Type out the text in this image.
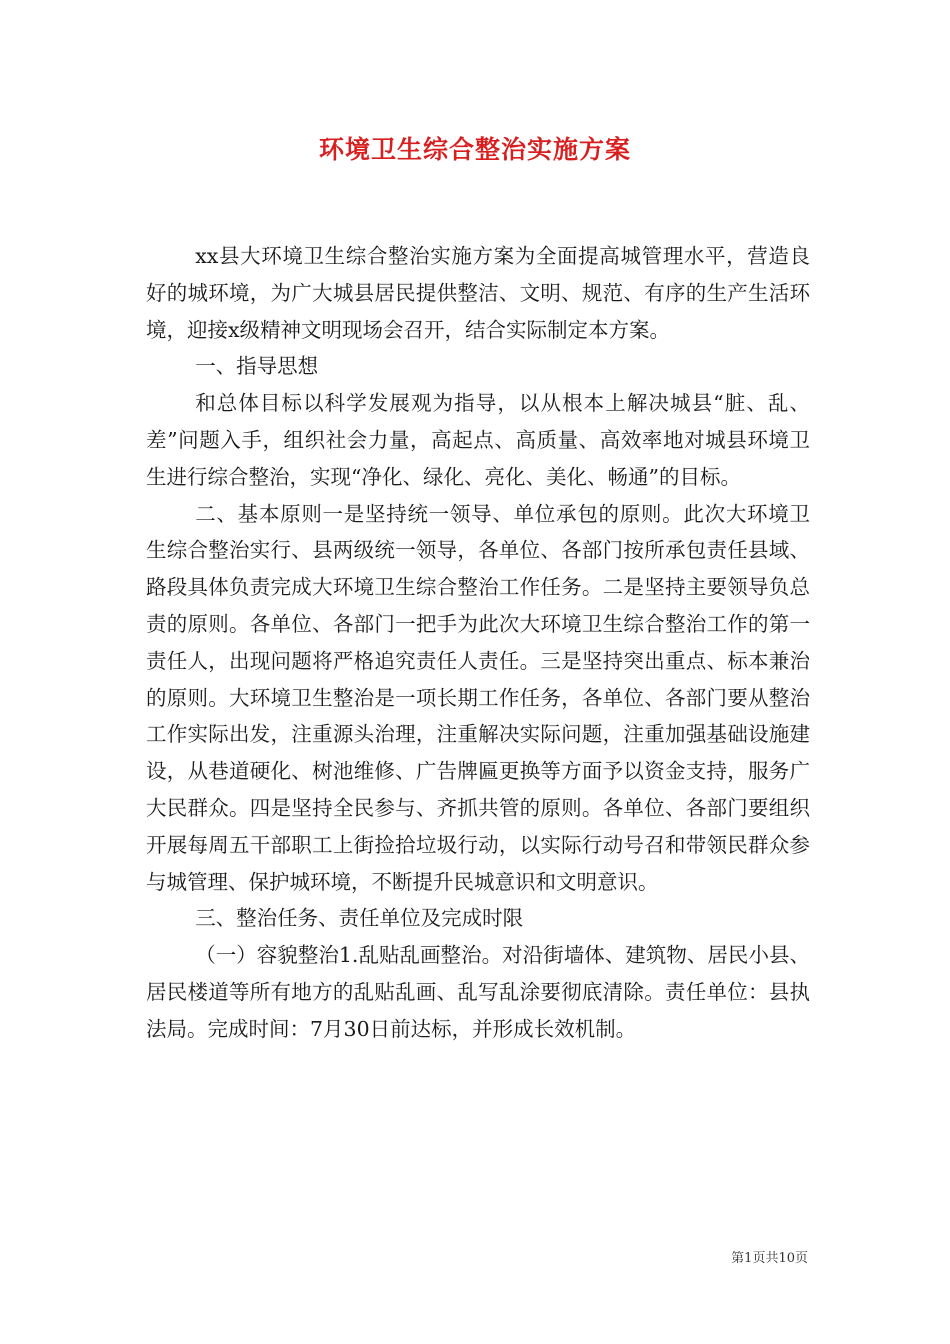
环境卫生综合整治实施方案

xx县大环境卫生综合整治实施方案为全面提高城管理水平，营造良好的城环境，为广大城县居民提供整洁、文明、规范、有序的生产生活环境，迎接x级精神文明现场会召开，结合实际制定本方案。

一、指导思想

和总体目标以科学发展观为指导，以从根本上解决城县“脏、乱、差”问题入手，组织社会力量，高起点、高质量、高效率地对城县环境卫生进行综合整治，实现“净化、绿化、亮化、美化、畅通”的目标。

二、基本原则一是坚持统一领导、单位承包的原则。此次大环境卫生综合整治实行、县两级统一领导，各单位、各部门按所承包责任县域、路段具体负责完成大环境卫生综合整治工作任务。二是坚持主要领导负总责的原则。各单位、各部门一把手为此次大环境卫生综合整治工作的第一责任人，出现问题将严格追究责任人责任。三是坚持突出重点、标本兼治的原则。大环境卫生整治是一项长期工作任务，各单位、各部门要从整治工作实际出发，注重源头治理，注重解决实际问题，注重加强基础设施建设，从巷道硬化、树池维修、广告牌匾更换等方面予以资金支持，服务广大民群众。四是坚持全民参与、齐抓共管的原则。各单位、各部门要组织开展每周五干部职工上街捡拾垃圾行动，以实际行动号召和带领民群众参与城管理、保护城环境，不断提升民城意识和文明意识。

三、整治任务、责任单位及完成时限

（一）容貌整治1.乱贴乱画整治。对沿街墙体、建筑物、居民小县、居民楼道等所有地方的乱贴乱画、乱写乱涂要彻底清除。责任单位：县执法局。完成时间：7月30日前达标，并形成长效机制。

第1页共10页
